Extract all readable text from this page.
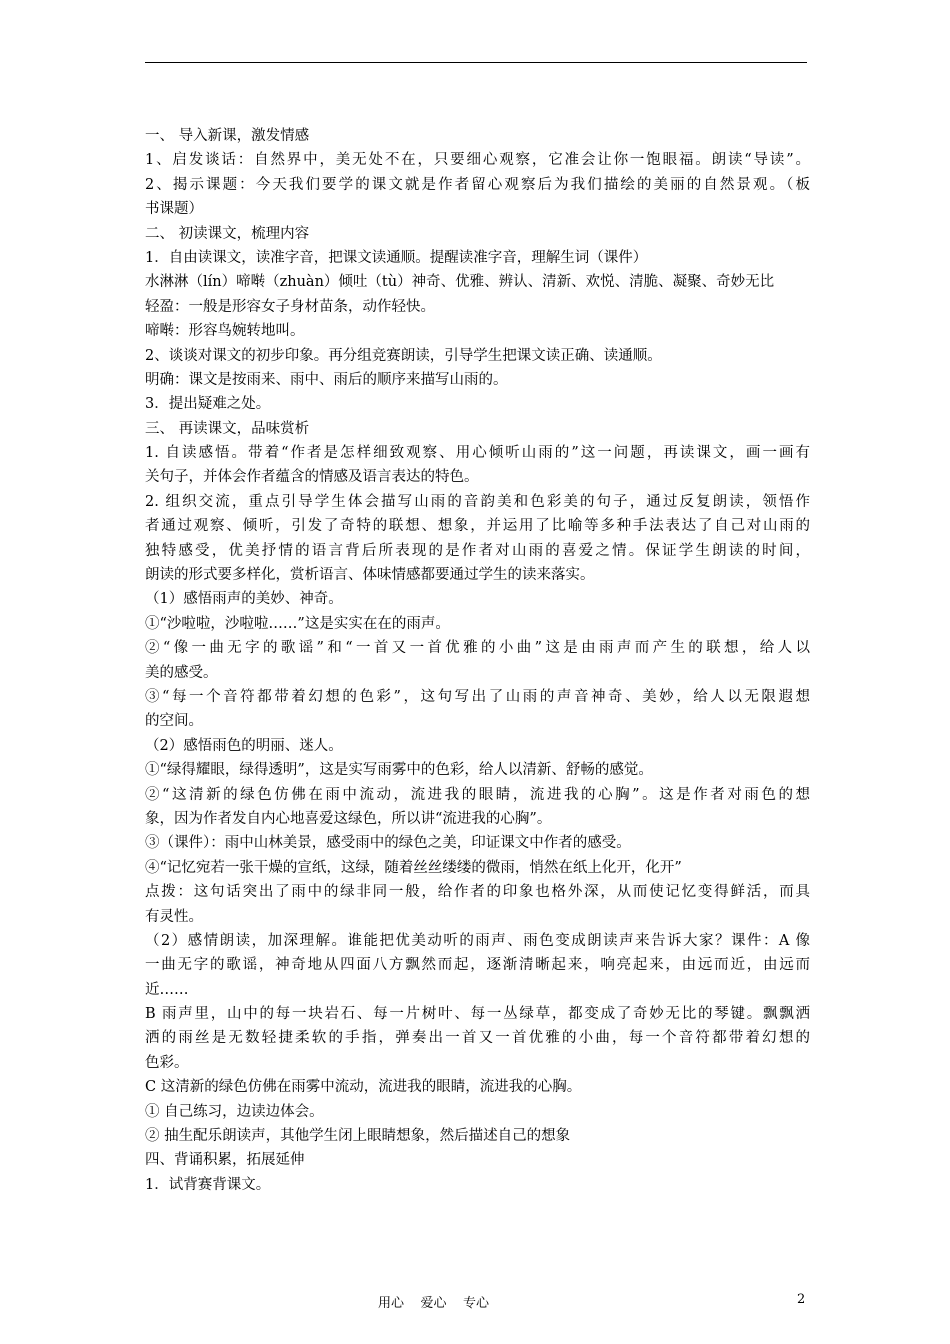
一、 导入新课，激发情感
1、启发谈话：自然界中，美无处不在，只要细心观察，它准会让你一饱眼福。朗读“导读”。
2、揭示课题：今天我们要学的课文就是作者留心观察后为我们描绘的美丽的自然景观。（板
书课题）
二、 初读课文，梳理内容
1．自由读课文，读准字音，把课文读通顺。提醒读准字音，理解生词（课件）
水淋淋（lín）啼啭（zhuàn）倾吐（tù）神奇、优雅、辨认、清新、欢悦、清脆、凝聚、奇妙无比
轻盈：一般是形容女子身材苗条，动作轻快。
啼啭：形容鸟婉转地叫。
2、谈谈对课文的初步印象。再分组竞赛朗读，引导学生把课文读正确、读通顺。
明确：课文是按雨来、雨中、雨后的顺序来描写山雨的。
3．提出疑难之处。
三、 再读课文，品味赏析
1. 自读感悟。带着“作者是怎样细致观察、用心倾听山雨的”这一问题，再读课文，画一画有
关句子，并体会作者蕴含的情感及语言表达的特色。
2. 组织交流，重点引导学生体会描写山雨的音韵美和色彩美的句子，通过反复朗读，领悟作
者通过观察、倾听，引发了奇特的联想、想象，并运用了比喻等多种手法表达了自己对山雨的
独特感受，优美抒情的语言背后所表现的是作者对山雨的喜爱之情。保证学生朗读的时间，
朗读的形式要多样化，赏析语言、体味情感都要通过学生的读来落实。
（1）感悟雨声的美妙、神奇。
①“沙啦啦，沙啦啦……”这是实实在在的雨声。
②“像一曲无字的歌谣”和“一首又一首优雅的小曲”这是由雨声而产生的联想，给人以
美的感受。
③“每一个音符都带着幻想的色彩”，这句写出了山雨的声音神奇、美妙，给人以无限遐想
的空间。
（2）感悟雨色的明丽、迷人。
①“绿得耀眼，绿得透明”，这是实写雨雾中的色彩，给人以清新、舒畅的感觉。
②“这清新的绿色仿佛在雨中流动，流进我的眼睛，流进我的心胸”。这是作者对雨色的想
象，因为作者发自内心地喜爱这绿色，所以讲“流进我的心胸”。
③（课件）：雨中山林美景，感受雨中的绿色之美，印证课文中作者的感受。
④“记忆宛若一张干燥的宣纸，这绿，随着丝丝缕缕的微雨，悄然在纸上化开，化开”
点拨：这句话突出了雨中的绿非同一般，给作者的印象也格外深，从而使记忆变得鲜活，而具
有灵性。
（2）感情朗读，加深理解。谁能把优美动听的雨声、雨色变成朗读声来告诉大家？课件：A 像
一曲无字的歌谣，神奇地从四面八方飘然而起，逐渐清晰起来，响亮起来，由远而近，由远而
近……
B 雨声里，山中的每一块岩石、每一片树叶、每一丛绿草，都变成了奇妙无比的琴键。飘飘洒
洒的雨丝是无数轻捷柔软的手指，弹奏出一首又一首优雅的小曲，每一个音符都带着幻想的
色彩。
C 这清新的绿色仿佛在雨雾中流动，流进我的眼睛，流进我的心胸。
① 自己练习，边读边体会。
② 抽生配乐朗读声，其他学生闭上眼睛想象，然后描述自己的想象
四、背诵积累，拓展延伸
1．试背赛背课文。
用心    爱心    专心	2
